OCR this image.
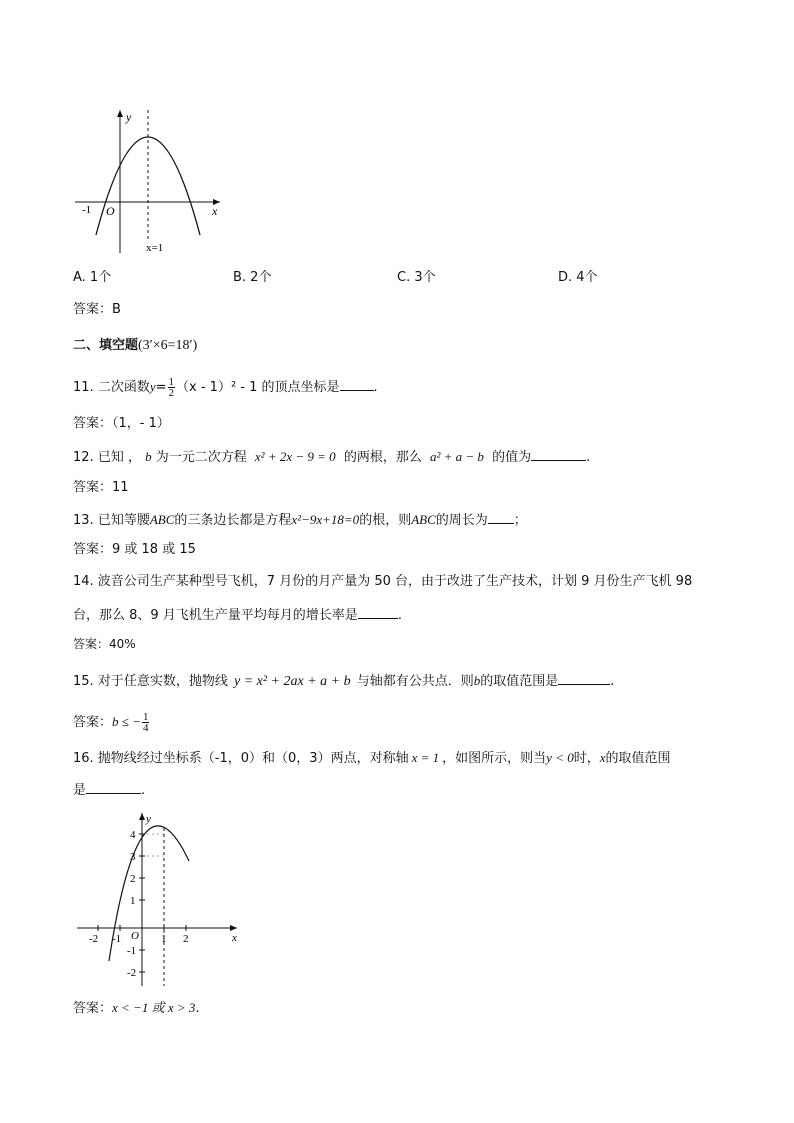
y
x
O
-1
x=1
A. 1个	B. 2个	C. 3个	D. 4个
答案：B
二、填空题(3′×6=18′)
11. 二次函数$y= \frac{1}{2} (x - 1)^2 - 1$ 的顶点坐标是	.
答案：（1，- 1）
12. 已知 ， b 为一元二次方程 x² + 2x − 9 = 0 的两根，那么 a² + a − b 的值为	.
答案：11
13. 已知等腰ABC的三条边长都是方程x²−9x+18=0的根，则ABC的周长为 ；
答案：9 或 18 或 15
14. 波音公司生产某种型号飞机，7 月份的月产量为 50 台，由于改进了生产技术，计划 9 月份生产飞机 98
台，那么 8、9 月飞机生产量平均每月的增长率是	.
答案：40%
15. 对于任意实数，抛物线 y = x² + 2ax + a + b 与轴都有公共点．则b的取值范围是	.
答案：b ≤ − $\frac{1}{4}$
16. 抛物线经过坐标系（-1，0）和（0，3）两点，对称轴 x = 1 ，如图所示，则当y < 0时，x的取值范围
是	.
y
x
O
4
3
2
1
-1
-2
-2 -1	1 2
答案：x < −1 或 x > 3.
